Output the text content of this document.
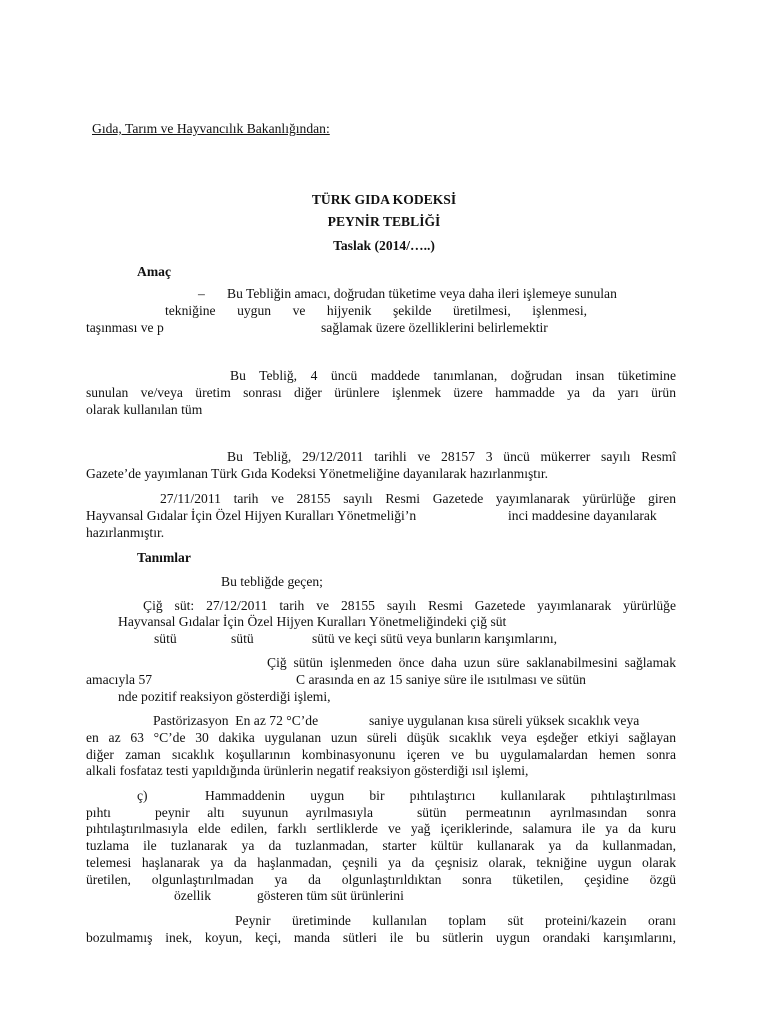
Gıda, Tarım ve Hayvancılık Bakanlığından:
TÜRK GIDA KODEKSİ
PEYNİR TEBLİĞİ
Taslak (2014/…..)
Amaç
– Bu Tebliğin amacı, doğrudan tüketime veya daha ileri işlemeye sunulan
tekniğine uygun ve hijyenik şekilde üretilmesi, işlenmesi,
taşınması ve p	sağlamak üzere özelliklerini belirlemektir
Bu Tebliğ, 4 üncü maddede tanımlanan, doğrudan insan tüketimine
sunulan ve/veya üretim sonrası diğer ürünlere işlenmek üzere hammadde ya da yarı ürün
olarak kullanılan tüm
Bu Tebliğ, 29/12/2011 tarihli ve 28157 3 üncü mükerrer sayılı Resmî
Gazete’de yayımlanan Türk Gıda Kodeksi Yönetmeliğine dayanılarak hazırlanmıştır.
27/11/2011 tarih ve 28155 sayılı Resmi Gazetede yayımlanarak yürürlüğe giren
Hayvansal Gıdalar İçin Özel Hijyen Kuralları Yönetmeliği’n	inci maddesine dayanılarak
hazırlanmıştır.
Tanımlar
Bu tebliğde geçen;
Çiğ süt: 27/12/2011 tarih ve 28155 sayılı Resmi Gazetede yayımlanarak yürürlüğe
Hayvansal Gıdalar İçin Özel Hijyen Kuralları Yönetmeliğindeki çiğ süt
sütü	sütü	sütü ve keçi sütü veya bunların karışımlarını,
Çiğ sütün işlenmeden önce daha uzun süre saklanabilmesini sağlamak
amacıyla 57	C arasında en az 15 saniye süre ile ısıtılması ve sütün
nde pozitif reaksiyon gösterdiği işlemi,
Pastörizasyon  En az 72 °C’de	saniye uygulanan kısa süreli yüksek sıcaklık veya
en az 63 °C’de 30 dakika uygulanan uzun süreli düşük sıcaklık veya eşdeğer etkiyi sağlayan
diğer zaman sıcaklık koşullarının kombinasyonunu içeren ve bu uygulamalardan hemen sonra
alkali fosfataz testi yapıldığında ürünlerin negatif reaksiyon gösterdiği ısıl işlemi,
ç)	Hammaddenin uygun bir pıhtılaştırıcı kullanılarak pıhtılaştırılması
pıhtı	peynir altı suyunun ayrılmasıyla	sütün permeatının ayrılmasından sonra
pıhtılaştırılmasıyla elde edilen, farklı sertliklerde ve yağ içeriklerinde, salamura ile ya da kuru
tuzlama ile tuzlanarak ya da tuzlanmadan, starter kültür kullanarak ya da kullanmadan,
telemesi haşlanarak ya da haşlanmadan, çeşnili ya da çeşnisiz olarak, tekniğine uygun olarak
üretilen, olgunlaştırılmadan ya da olgunlaştırıldıktan sonra tüketilen, çeşidine özgü
özellik	gösteren tüm süt ürünlerini
Peynir üretiminde kullanılan toplam süt proteini/kazein oranı
bozulmamış inek, koyun, keçi, manda sütleri ile bu sütlerin uygun orandaki karışımlarını,
